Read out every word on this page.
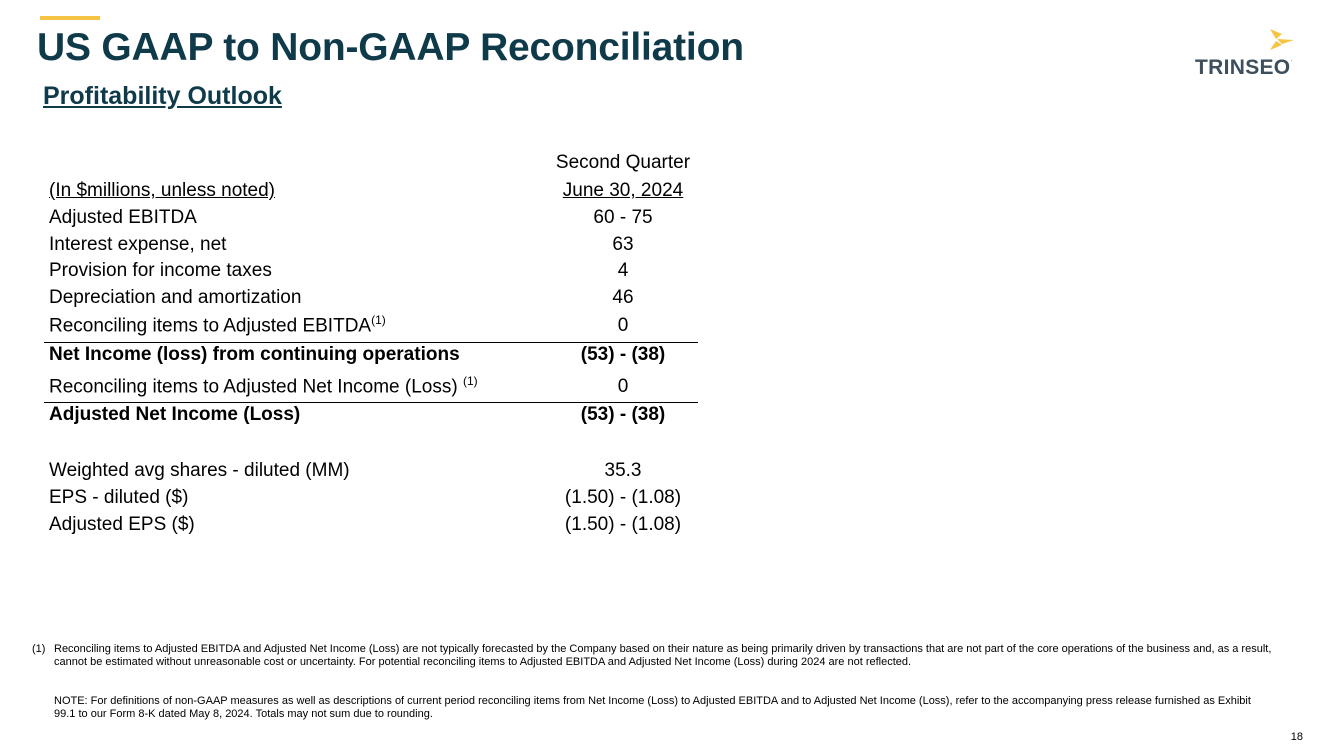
US GAAP to Non-GAAP Reconciliation
Profitability Outlook
TRINSEO.
Second Quarter
(In $millions, unless noted)	June 30, 2024
Adjusted EBITDA	60 - 75
Interest expense, net	63
Provision for income taxes	4
Depreciation and amortization	46
Reconciling items to Adjusted EBITDA$^{(1)}$	0
Net Income (loss) from continuing operations	(53) - (38)
Reconciling items to Adjusted Net Income (Loss) $^{(1)}$	0
Adjusted Net Income (Loss)	(53) - (38)
Weighted avg shares - diluted (MM)	35.3
EPS - diluted ($)	(1.50) - (1.08)
Adjusted EPS ($)	(1.50) - (1.08)
(1) Reconciling items to Adjusted EBITDA and Adjusted Net Income (Loss) are not typically forecasted by the Company based on their nature as being primarily driven by transactions that are not part of the core operations of the business and, as a result, cannot be estimated without unreasonable cost or uncertainty. For potential reconciling items to Adjusted EBITDA and Adjusted Net Income (Loss) during 2024 are not reflected.
NOTE: For definitions of non-GAAP measures as well as descriptions of current period reconciling items from Net Income (Loss) to Adjusted EBITDA and to Adjusted Net Income (Loss), refer to the accompanying press release furnished as Exhibit 99.1 to our Form 8-K dated May 8, 2024. Totals may not sum due to rounding.
18
